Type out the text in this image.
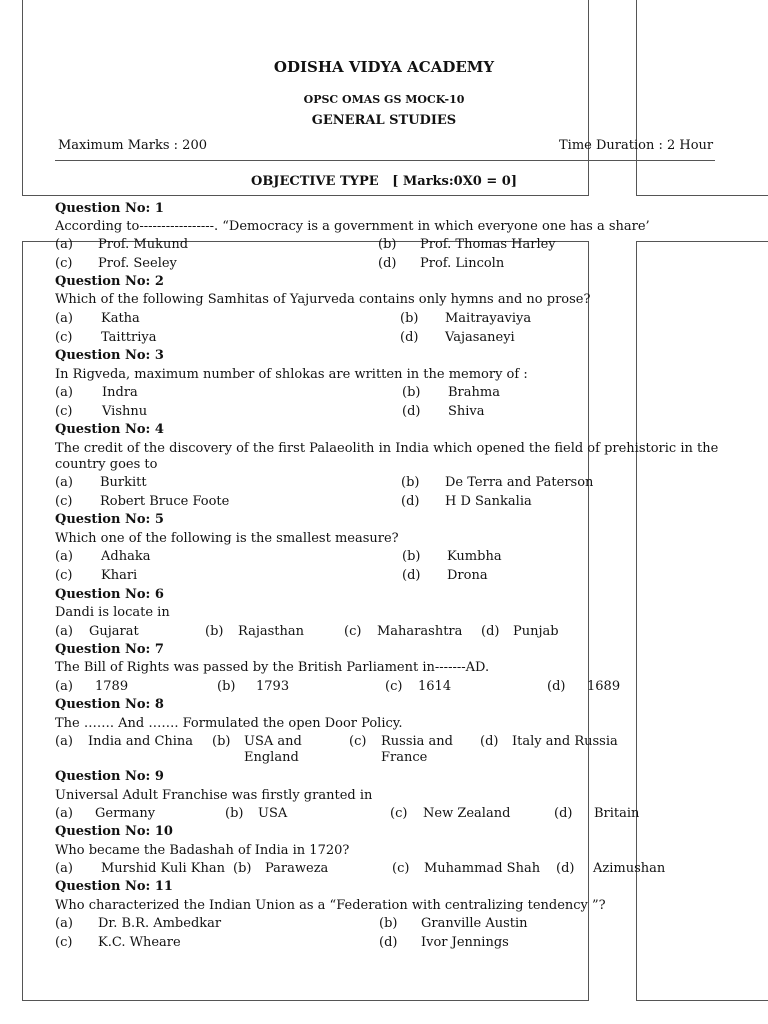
ODISHA VIDYA ACADEMY
OPSC OMAS GS MOCK-10
GENERAL STUDIES
Maximum Marks : 200	Time Duration : 2 Hour
OBJECTIVE TYPE   [ Marks:0X0 = 0]
Question No: 1
According to-----------------. “Democracy is a government in which everyone one has a share’
(a) Prof. Mukund	(b) Prof. Thomas Harley
(c) Prof. Seeley	(d) Prof. Lincoln
Question No: 2
Which of the following Samhitas of Yajurveda contains only hymns and no prose?
(a) Katha	(b) Maitrayaviya
(c) Taittriya	(d) Vajasaneyi
Question No: 3
In Rigveda, maximum number of shlokas are written in the memory of :
(a) Indra	(b) Brahma
(c) Vishnu	(d) Shiva
Question No: 4
The credit of the discovery of the first Palaeolith in India which opened the field of prehistoric in the
country goes to
(a) Burkitt	(b) De Terra and Paterson
(c) Robert Bruce Foote	(d) H D Sankalia
Question No: 5
Which one of the following is the smallest measure?
(a) Adhaka	(b) Kumbha
(c) Khari	(d) Drona
Question No: 6
Dandi is locate in
(a) Gujarat	(b) Rajasthan	(c) Maharashtra (d) Punjab
Question No: 7
The Bill of Rights was passed by the British Parliament in-------AD.
(a) 1789	(b) 1793	(c) 1614	(d) 1689
Question No: 8
The ……. And ……. Formulated the open Door Policy.
(a) India and China (b) USA and
England
(c) Russia and
France
(d) Italy and Russia
Question No: 9
Universal Adult Franchise was firstly granted in
(a) Germany	(b) USA	(c) New Zealand	(d) Britain
Question No: 10
Who became the Badashah of India in 1720?
(a) Murshid Kuli Khan (b) Paraweza	(c) Muhammad Shah (d) Azimushan
Question No: 11
Who characterized the Indian Union as a “Federation with centralizing tendency ”?
(a) Dr. B.R. Ambedkar	(b) Granville Austin
(c) K.C. Wheare	(d) Ivor Jennings
